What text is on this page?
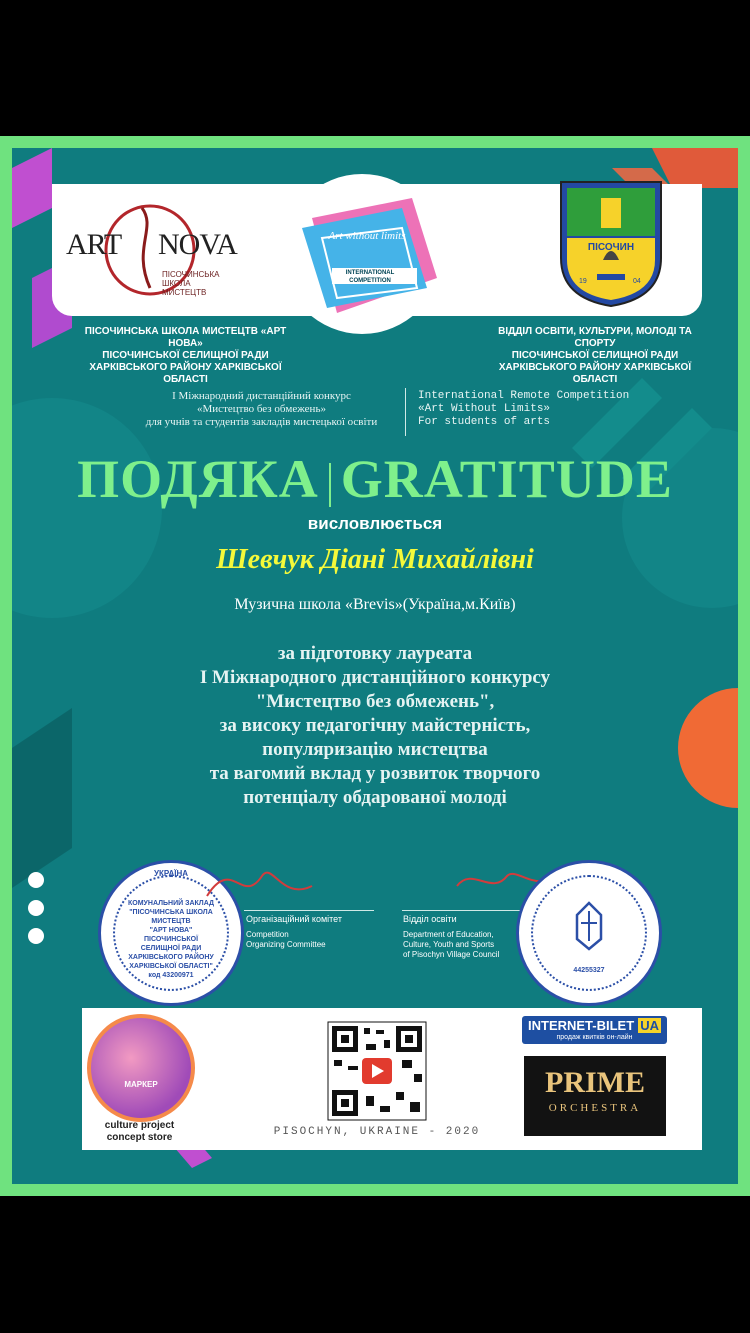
ART NOVA
ПІСОЧИНСЬКА
ШКОЛА
МИСТЕЦТВ
Art without limits
INTERNATIONAL
COMPETITION
ПІСОЧИН
19	04
ПІСОЧИНСЬКА ШКОЛА МИСТЕЦТВ «АРТ НОВА»
ПІСОЧИНСЬКОЇ СЕЛИЩНОЇ РАДИ
ХАРКІВСЬКОГО РАЙОНУ ХАРКІВСЬКОЇ ОБЛАСТІ
ВІДДІЛ ОСВІТИ, КУЛЬТУРИ, МОЛОДІ ТА СПОРТУ
ПІСОЧИНСЬКОЇ СЕЛИЩНОЇ РАДИ
ХАРКІВСЬКОГО РАЙОНУ ХАРКІВСЬКОЇ ОБЛАСТІ
І Міжнародний дистанційний конкурс
«Мистецтво без обмежень»
для учнів та студентів закладів мистецької освіти
International Remote Competition
«Art Without Limits»
For students of arts
ПОДЯКА GRATITUDE
висловлюється
Шевчук Діані Михайлівні
Музична школа «Brevis»(Україна,м.Київ)
за підготовку лауреата
І Міжнародного дистанційного конкурсу
"Мистецтво без обмежень",
за високу педагогічну майстерність,
популяризацію мистецтва
та вагомий вклад у розвиток творчого
потенціалу обдарованої молоді
УКРАЇНА
КОМУНАЛЬНИЙ ЗАКЛАД
"ПІСОЧИНСЬКА ШКОЛА
МИСТЕЦТВ
"АРТ НОВА"
ПІСОЧИНСЬКОЇ
СЕЛИЩНОЇ РАДИ
ХАРКІВСЬКОГО РАЙОНУ
ХАРКІВСЬКОЇ ОБЛАСТІ"
код 43200971
Організаційний комітет
Competition
Organizing Committee
Відділ освіти
Department of Education,
Culture, Youth and Sports
of Pisochyn Village Council
44255327
МАРКЕР
culture project
concept store	PISOCHYN, UKRAINE - 2020
INTERNET-BILET UA
продаж квитків он-лайн
PRIME
ORCHESTRA
